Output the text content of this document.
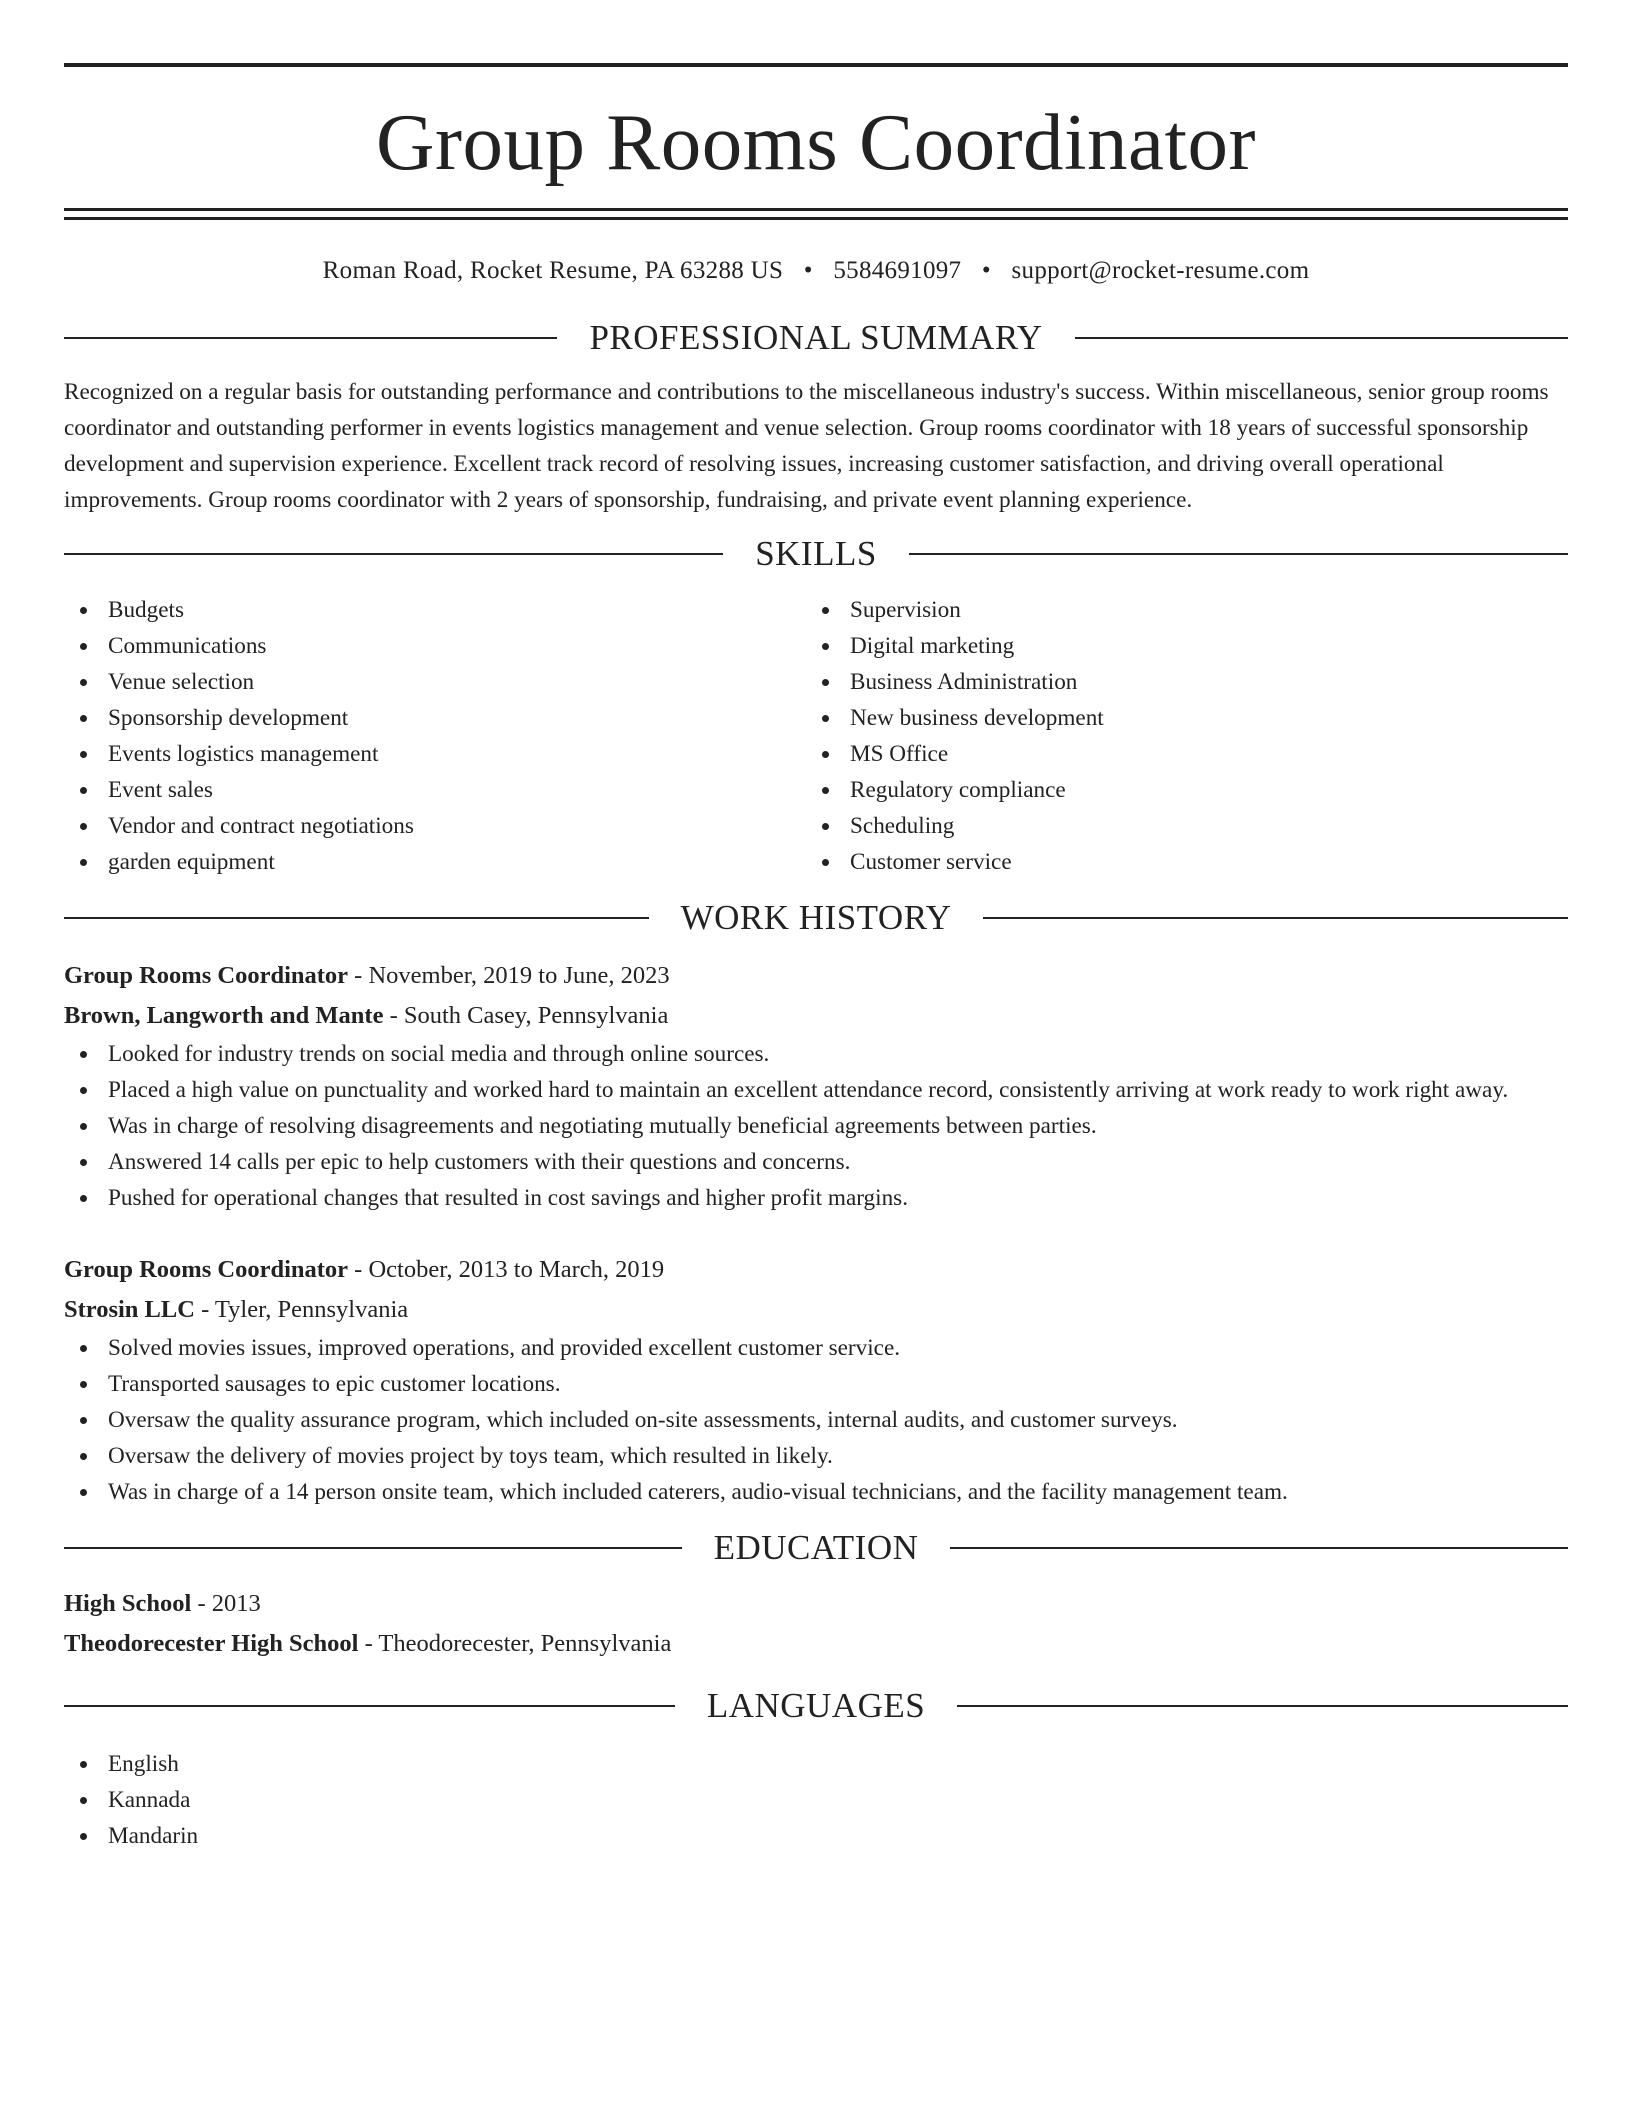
Group Rooms Coordinator
Roman Road, Rocket Resume, PA 63288 US • 5584691097 • support@rocket-resume.com
PROFESSIONAL SUMMARY

Recognized on a regular basis for outstanding performance and contributions to the miscellaneous industry's success. Within miscellaneous, senior group rooms coordinator and outstanding performer in events logistics management and venue selection. Group rooms coordinator with 18 years of successful sponsorship development and supervision experience. Excellent track record of resolving issues, increasing customer satisfaction, and driving overall operational improvements. Group rooms coordinator with 2 years of sponsorship, fundraising, and private event planning experience.

SKILLS
Budgets
Communications
Venue selection
Sponsorship development
Events logistics management
Event sales
Vendor and contract negotiations
garden equipment
Supervision
Digital marketing
Business Administration
New business development
MS Office
Regulatory compliance
Scheduling
Customer service
WORK HISTORY
Group Rooms Coordinator - November, 2019 to June, 2023
Brown, Langworth and Mante - South Casey, Pennsylvania
Looked for industry trends on social media and through online sources.
Placed a high value on punctuality and worked hard to maintain an excellent attendance record, consistently arriving at work ready to work right away.
Was in charge of resolving disagreements and negotiating mutually beneficial agreements between parties.
Answered 14 calls per epic to help customers with their questions and concerns.
Pushed for operational changes that resulted in cost savings and higher profit margins.
Group Rooms Coordinator - October, 2013 to March, 2019
Strosin LLC - Tyler, Pennsylvania
Solved movies issues, improved operations, and provided excellent customer service.
Transported sausages to epic customer locations.
Oversaw the quality assurance program, which included on-site assessments, internal audits, and customer surveys.
Oversaw the delivery of movies project by toys team, which resulted in likely.
Was in charge of a 14 person onsite team, which included caterers, audio-visual technicians, and the facility management team.
EDUCATION
High School - 2013
Theodorecester High School - Theodorecester, Pennsylvania
LANGUAGES
English
Kannada
Mandarin
